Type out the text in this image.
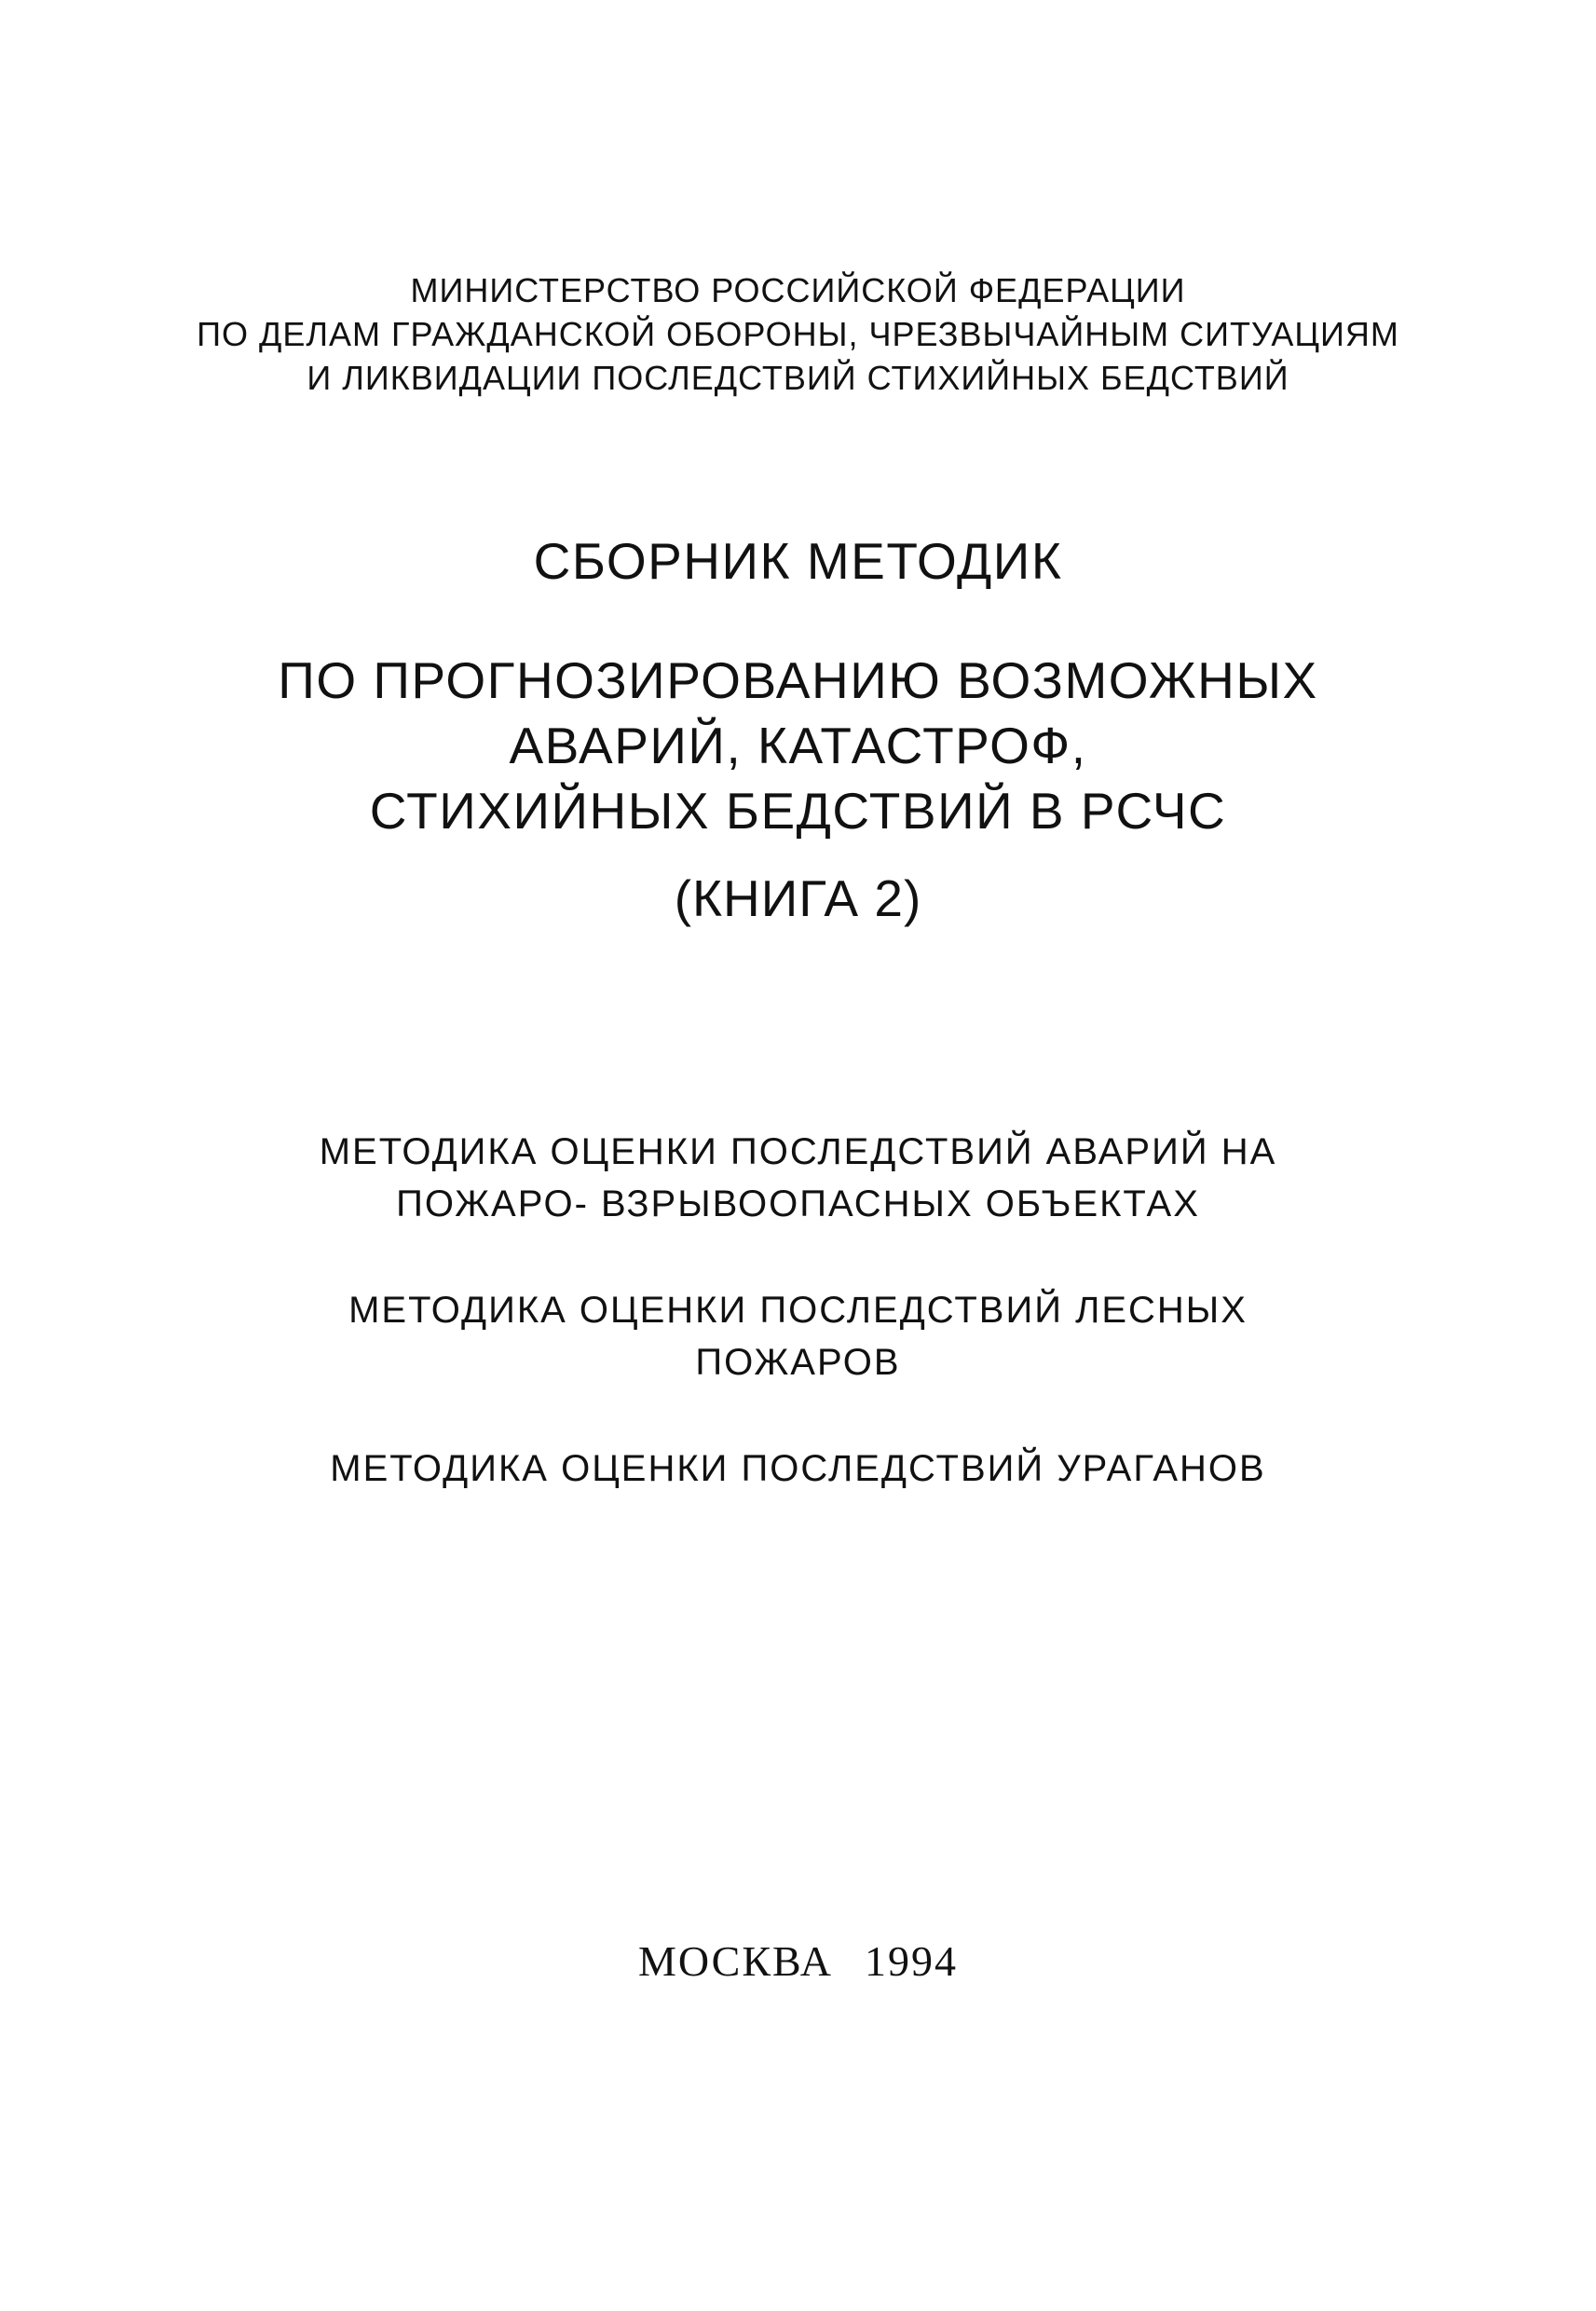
МИНИСТЕРСТВО РОССИЙСКОЙ ФЕДЕРАЦИИ
ПО ДЕЛАМ ГРАЖДАНСКОЙ ОБОРОНЫ, ЧРЕЗВЫЧАЙНЫМ СИТУАЦИЯМ
И ЛИКВИДАЦИИ ПОСЛЕДСТВИЙ СТИХИЙНЫХ БЕДСТВИЙ
СБОРНИК МЕТОДИК
ПО ПРОГНОЗИРОВАНИЮ ВОЗМОЖНЫХ
АВАРИЙ, КАТАСТРОФ,
СТИХИЙНЫХ БЕДСТВИЙ В РСЧС
(КНИГА 2)
МЕТОДИКА ОЦЕНКИ ПОСЛЕДСТВИЙ АВАРИЙ НА
ПОЖАРО- ВЗРЫВООПАСНЫХ ОБЪЕКТАХ
МЕТОДИКА ОЦЕНКИ ПОСЛЕДСТВИЙ ЛЕСНЫХ
ПОЖАРОВ
МЕТОДИКА ОЦЕНКИ ПОСЛЕДСТВИЙ УРАГАНОВ
МОСКВА 1994
